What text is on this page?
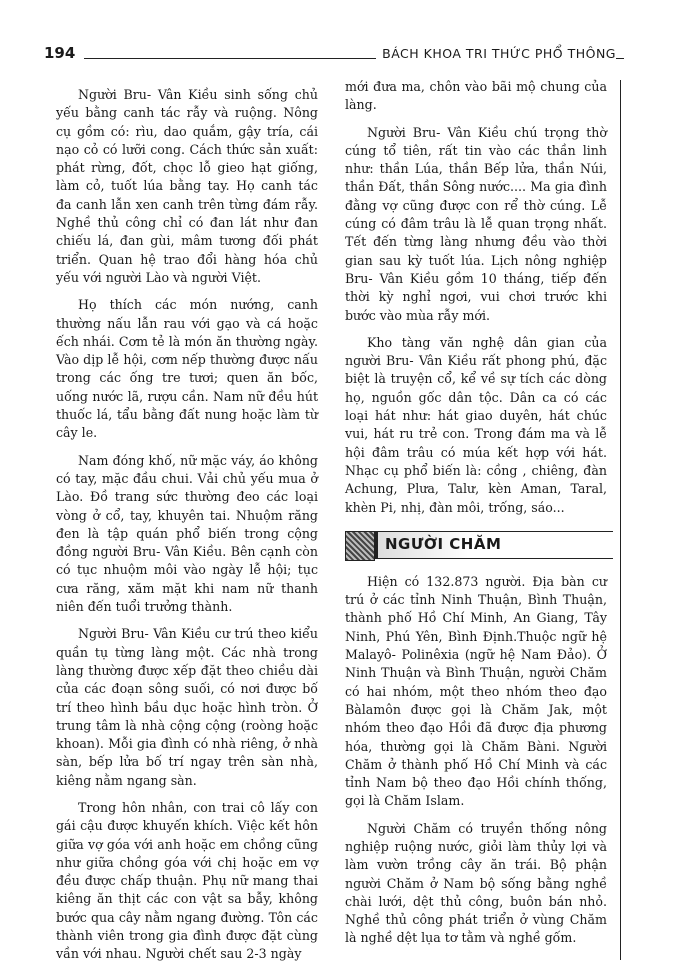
194	BÁCH KHOA TRI THỨC PHỔ THÔNG

Người Bru- Vân Kiều sinh sống chủ yếu bằng canh tác rẫy và ruộng. Nông cụ gồm có: rìu, dao quắm, gậy tría, cái nạo cỏ có lưỡi cong. Cách thức sản xuất: phát rừng, đốt, chọc lỗ gieo hạt giống, làm cỏ, tuốt lúa bằng tay. Họ canh tác đa canh lẫn xen canh trên từng đám rẫy. Nghề thủ công chỉ có đan lát như đan chiếu lá, đan gùi, mâm tương đối phát triển. Quan hệ trao đổi hàng hóa chủ yếu với người Lào và người Việt.

Họ thích các món nướng, canh thường nấu lẫn rau với gạo và cá hoặc ếch nhái. Cơm tẻ là món ăn thường ngày. Vào dịp lễ hội, cơm nếp thường được nấu trong các ống tre tươi; quen ăn bốc, uống nước lã, rượu cần. Nam nữ đều hút thuốc lá, tẩu bằng đất nung hoặc làm từ cây le.

Nam đóng khố, nữ mặc váy, áo không có tay, mặc đầu chui. Vải chủ yếu mua ở Lào. Đồ trang sức thường đeo các loại vòng ở cổ, tay, khuyên tai. Nhuộm răng đen là tập quán phổ biến trong cộng đồng người Bru- Vân Kiều. Bên cạnh còn có tục nhuộm môi vào ngày lễ hội; tục cưa răng, xăm mặt khi nam nữ thanh niên đến tuổi trưởng thành.

Người Bru- Vân Kiều cư trú theo kiểu quần tụ từng làng một. Các nhà trong làng thường được xếp đặt theo chiều dài của các đoạn sông suối, có nơi được bố trí theo hình bầu dục hoặc hình tròn. Ở trung tâm là nhà cộng cộng (roòng hoặc khoan). Mỗi gia đình có nhà riêng, ở nhà sàn, bếp lửa bố trí ngay trên sàn nhà, kiêng nằm ngang sàn.

Trong hôn nhân, con trai cô lấy con gái cậu được khuyến khích. Việc kết hôn giữa vợ góa với anh hoặc em chồng cũng như giữa chồng góa với chị hoặc em vợ đều được chấp thuận. Phụ nữ mang thai kiêng ăn thịt các con vật sa bẫy, không bước qua cây nằm ngang đường. Tôn các thành viên trong gia đình được đặt cùng vần với nhau. Người chết sau 2-3 ngày

mới đưa ma, chôn vào bãi mộ chung của làng.

Người Bru- Vân Kiều chú trọng thờ cúng tổ tiên, rất tin vào các thần linh như: thần Lúa, thần Bếp lửa, thần Núi, thần Đất, thần Sông nước.... Ma gia đình đằng vợ cũng được con rể thờ cúng. Lễ cúng có đâm trâu là lễ quan trọng nhất. Tết đến từng làng nhưng đều vào thời gian sau kỳ tuốt lúa. Lịch nông nghiệp Bru- Vân Kiều gồm 10 tháng, tiếp đến thời kỳ nghỉ ngơi, vui chơi trước khi bước vào mùa rẫy mới.

Kho tàng văn nghệ dân gian của người Bru- Vân Kiều rất phong phú, đặc biệt là truyện cổ, kể về sự tích các dòng họ, nguồn gốc dân tộc. Dân ca có các loại hát như: hát giao duyên, hát chúc vui, hát ru trẻ con. Trong đám ma và lễ hội đâm trâu có múa kết hợp với hát. Nhạc cụ phổ biến là: cồng , chiêng, đàn Achung, Plưa, Talư, kèn Aman, Taral, khèn Pi, nhị, đàn môi, trống, sáo...

NGƯỜI CHĂM

Hiện có 132.873 người. Địa bàn cư trú ở các tỉnh Ninh Thuận, Bình Thuận, thành phố Hồ Chí Minh, An Giang, Tây Ninh, Phú Yên, Bình Định.Thuộc ngữ hệ Malayô- Polinêxia (ngữ hệ Nam Đảo). Ở Ninh Thuận và Bình Thuận, người Chăm có hai nhóm, một theo nhóm theo đạo Bàlamôn được gọi là Chăm Jak, một nhóm theo đạo Hồi đã được địa phương hóa, thường gọi là Chăm Bàni. Người Chăm ở thành phố Hồ Chí Minh và các tỉnh Nam bộ theo đạo Hồi chính thống, gọi là Chăm Islam.

Người Chăm có truyền thống nông nghiệp ruộng nước, giỏi làm thủy lợi và làm vườn trồng cây ăn trái. Bộ phận người Chăm ở Nam bộ sống bằng nghề chài lưới, dệt thủ công, buôn bán nhỏ. Nghề thủ công phát triển ở vùng Chăm là nghề dệt lụa tơ tằm và nghề gốm.
